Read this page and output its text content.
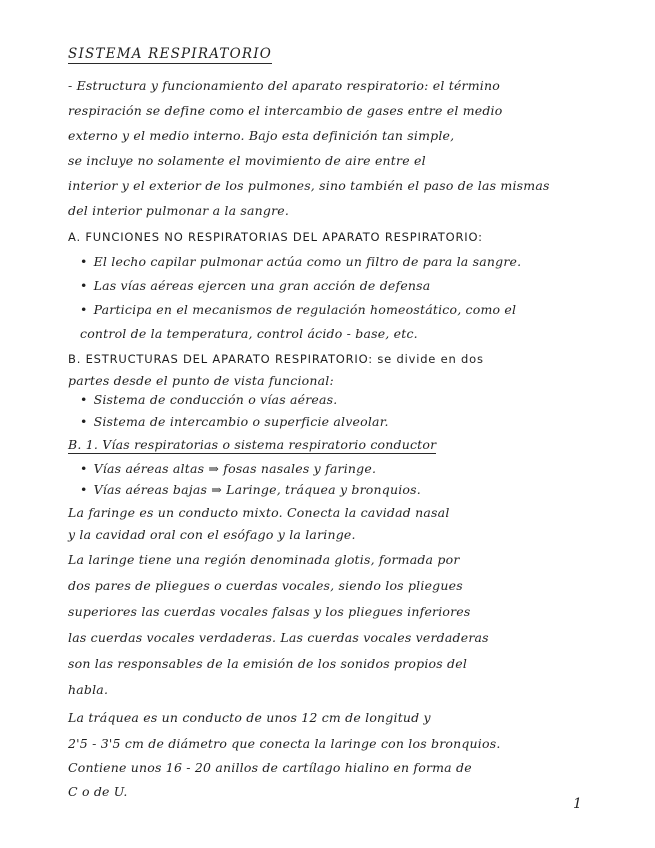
SISTEMA RESPIRATORIO
- Estructura y funcionamiento del aparato respiratorio: el término
respiración se define como el intercambio de gases entre el medio
externo y el medio interno. Bajo esta definición tan simple,
se incluye no solamente el movimiento de aire entre el
interior y el exterior de los pulmones, sino también el paso de las mismas
del interior pulmonar a la sangre.
A. FUNCIONES NO RESPIRATORIAS DEL APARATO RESPIRATORIO:
• El lecho capilar pulmonar actúa como un filtro de para la sangre.
• Las vías aéreas ejercen una gran acción de defensa
• Participa en el mecanismos de regulación homeostático, como el
control de la temperatura, control ácido - base, etc.
B. ESTRUCTURAS DEL APARATO RESPIRATORIO: se divide en dos
partes desde el punto de vista funcional:
• Sistema de conducción o vías aéreas.
• Sistema de intercambio o superficie alveolar.
B. 1. Vías respiratorias o sistema respiratorio conductor
• Vías aéreas altas ⇒ fosas nasales y faringe.
• Vías aéreas bajas ⇒ Laringe, tráquea y bronquios.
La faringe es un conducto mixto. Conecta la cavidad nasal
y la cavidad oral con el esófago y la laringe.
La laringe tiene una región denominada glotis, formada por
dos pares de pliegues o cuerdas vocales, siendo los pliegues
superiores las cuerdas vocales falsas y los pliegues inferiores
las cuerdas vocales verdaderas. Las cuerdas vocales verdaderas
son las responsables de la emisión de los sonidos propios del
habla.
La tráquea es un conducto de unos 12 cm de longitud y
2'5 - 3'5 cm de diámetro que conecta la laringe con los bronquios.
Contiene unos 16 - 20 anillos de cartílago hialino en forma de
C o de U.
1
